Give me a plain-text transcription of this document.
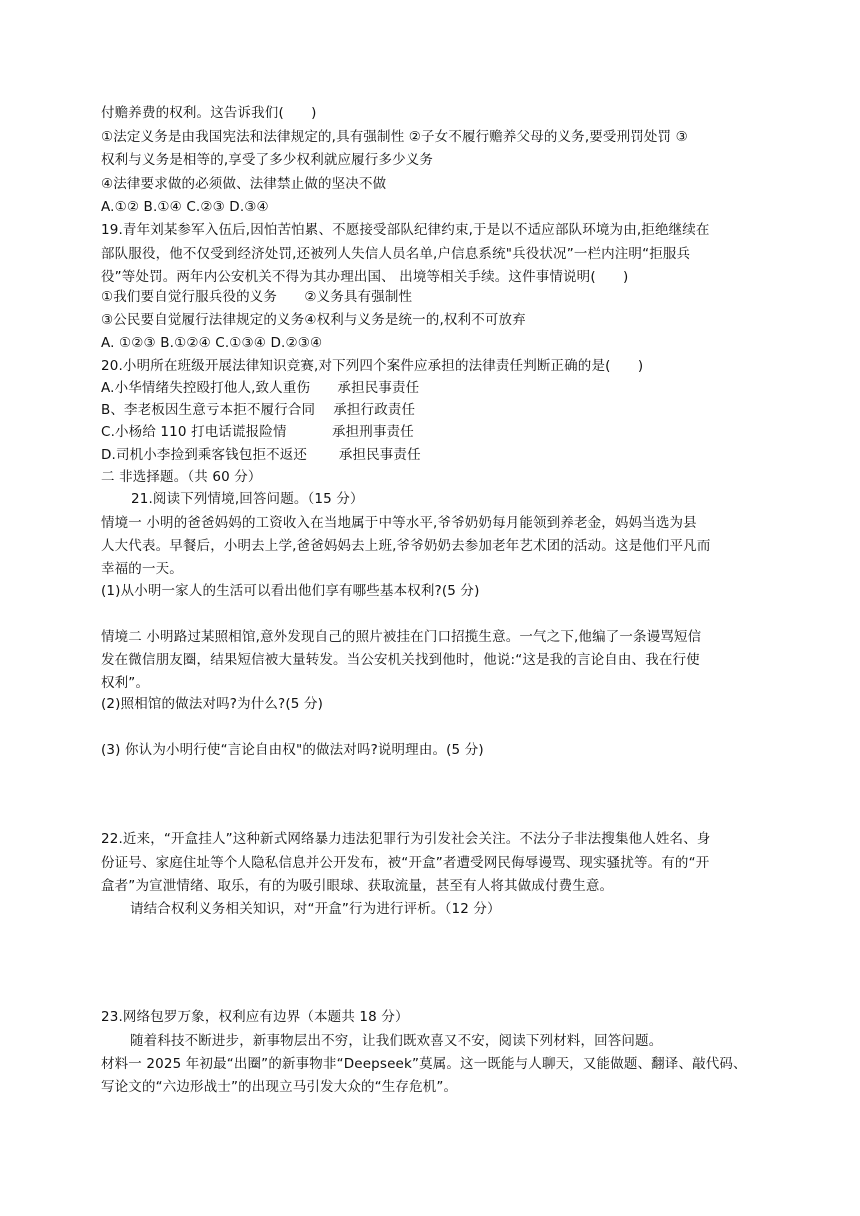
付赡养费的权利。这告诉我们(　　)
①法定义务是由我国宪法和法律规定的,具有强制性 ②子女不履行赡养父母的义务,要受刑罚处罚 ③
权利与义务是相等的,享受了多少权利就应履行多少义务
④法律要求做的必须做、法律禁止做的坚决不做
A.①② B.①④ C.②③ D.③④
19.青年刘某参军入伍后,因怕苦怕累、不愿接受部队纪律约束,于是以不适应部队环境为由,拒绝继续在
部队服役，他不仅受到经济处罚,还被列人失信人员名单,户信息系统"兵役状况”一栏内注明“拒服兵
役”等处罚。两年内公安机关不得为其办理出国、 出境等相关手续。这件事情说明(　　)
①我们要自觉行服兵役的义务　　②义务具有强制性
③公民要自觉履行法律规定的义务④权利与义务是统一的,权利不可放弃
A. ①②③ B.①②④ C.①③④ D.②③④
20.小明所在班级开展法律知识竞赛,对下列四个案件应承担的法律责任判断正确的是(　　)
A.小华情绪失控殴打他人,致人重伤　　承担民事责任
B、李老板因生意亏本拒不履行合同　 承担行政责任
C.小杨给 110 打电话谎报险情　　　 承担刑事责任
D.司机小李捡到乘客钱包拒不返还　　 承担民事责任
二 非选择题。（共 60 分）
21.阅读下列情境,回答问题。（15 分）
情境一 小明的爸爸妈妈的工资收入在当地属于中等水平,爷爷奶奶每月能领到养老金，妈妈当选为县
人大代表。早餐后，小明去上学,爸爸妈妈去上班,爷爷奶奶去参加老年艺术团的活动。这是他们平凡而
幸福的一天。
(1)从小明一家人的生活可以看出他们享有哪些基本权利?(5 分)
情境二 小明路过某照相馆,意外发现自己的照片被挂在门口招揽生意。一气之下,他编了一条谩骂短信
发在微信朋友圈，结果短信被大量转发。当公安机关找到他时，他说:“这是我的言论自由、我在行使
权利”。
(2)照相馆的做法对吗?为什么?(5 分)
(3) 你认为小明行使“言论自由权"的做法对吗?说明理由。(5 分)
22.近来，“开盒挂人”这种新式网络暴力违法犯罪行为引发社会关注。不法分子非法搜集他人姓名、身
份证号、家庭住址等个人隐私信息并公开发布，被“开盒”者遭受网民侮辱谩骂、现实骚扰等。有的“开
盒者”为宣泄情绪、取乐，有的为吸引眼球、获取流量，甚至有人将其做成付费生意。
请结合权利义务相关知识，对“开盒”行为进行评析。（12 分）
23.网络包罗万象，权利应有边界（本题共 18 分）
随着科技不断进步，新事物层出不穷，让我们既欢喜又不安，阅读下列材料，回答问题。
材料一 2025 年初最“出圈”的新事物非“Deepseek”莫属。这一既能与人聊天，又能做题、翻译、敲代码、
写论文的“六边形战士”的出现立马引发大众的“生存危机”。
